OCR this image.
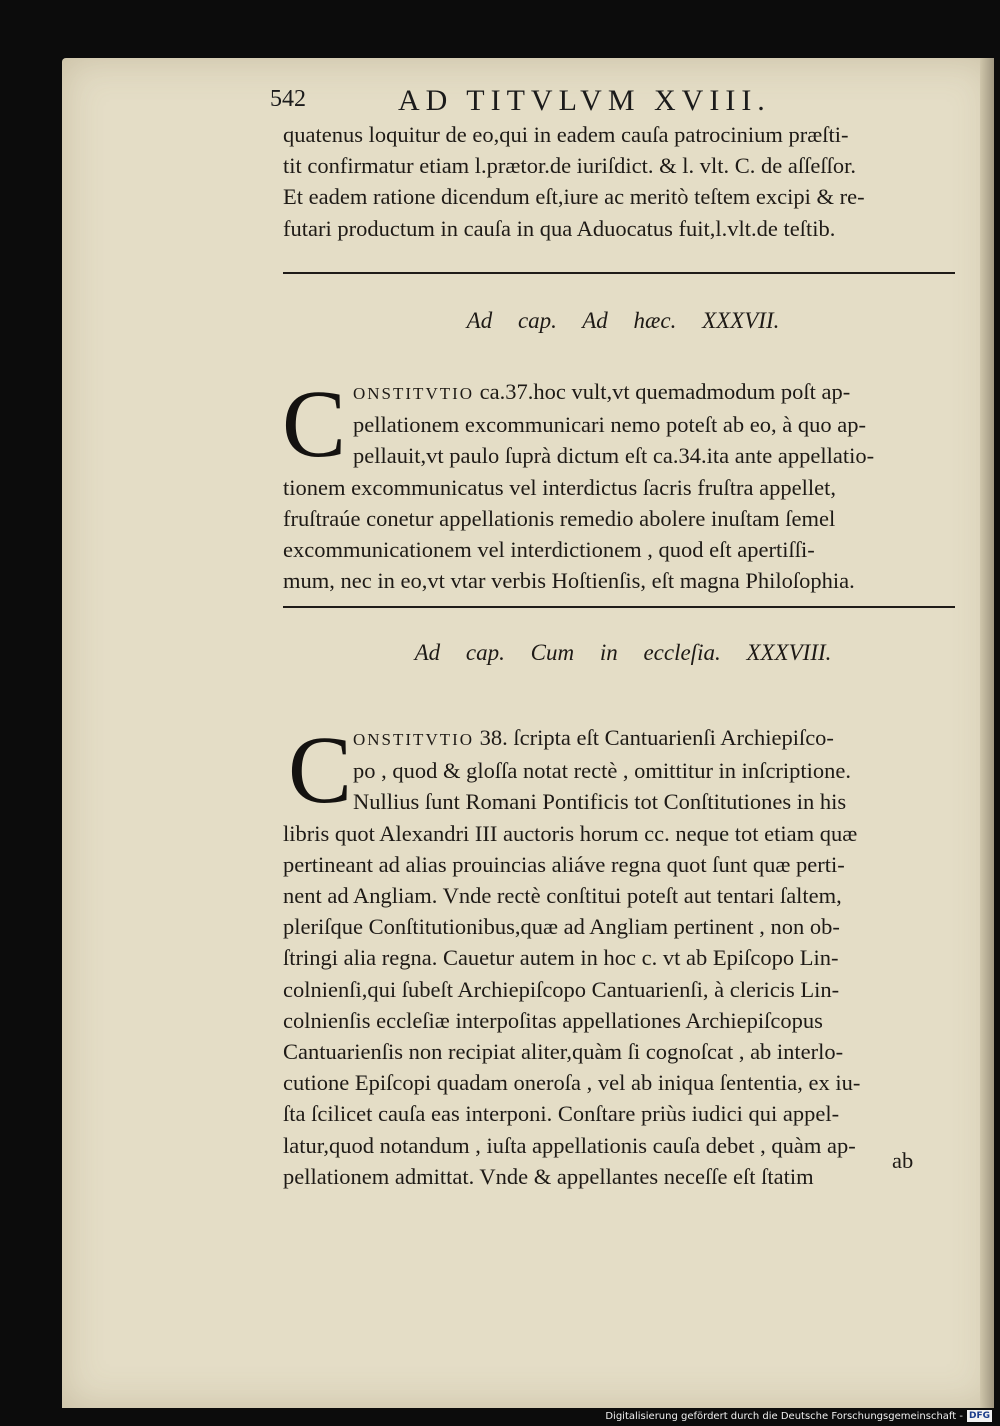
542	AD TITVLVM XVIII.
quatenus loquitur de eo,qui in eadem cauſa patrocinium præſti-
tit confirmatur etiam l.prætor.de iuriſdict. & l. vlt. C. de aſſeſſor.
Et eadem ratione dicendum eſt,iure ac meritò teſtem excipi & re-
futari productum in cauſa in qua Aduocatus fuit,l.vlt.de teſtib.
Ad cap. Ad hæc. XXXVII.
C ONSTITVTIO ca.37.hoc vult,vt quemadmodum poſt ap-
pellationem excommunicari nemo poteſt ab eo, à quo ap-
pellauit,vt paulo ſuprà dictum eſt ca.34.ita ante appellatio-
tionem excommunicatus vel interdictus ſacris fruſtra appellet,
fruſtraúe conetur appellationis remedio abolere inuſtam ſemel
excommunicationem vel interdictionem , quod eſt apertiſſi-
mum, nec in eo,vt vtar verbis Hoſtienſis, eſt magna Philoſophia.
Ad cap. Cum in eccleſia. XXXVIII.
C ONSTITVTIO 38. ſcripta eſt Cantuarienſi Archiepiſco-
po , quod & gloſſa notat rectè , omittitur in inſcriptione.
Nullius ſunt Romani Pontificis tot Conſtitutiones in his
libris quot Alexandri III auctoris horum cc. neque tot etiam quæ
pertineant ad alias prouincias aliáve regna quot ſunt quæ perti-
nent ad Angliam. Vnde rectè conſtitui poteſt aut tentari ſaltem,
pleriſque Conſtitutionibus,quæ ad Angliam pertinent , non ob-
ſtringi alia regna. Cauetur autem in hoc c. vt ab Epiſcopo Lin-
colnienſi,qui ſubeſt Archiepiſcopo Cantuarienſi, à clericis Lin-
colnienſis eccleſiæ interpoſitas appellationes Archiepiſcopus
Cantuarienſis non recipiat aliter,quàm ſi cognoſcat , ab interlo-
cutione Epiſcopi quadam oneroſa , vel ab iniqua ſententia, ex iu-
ſta ſcilicet cauſa eas interponi. Conſtare priùs iudici qui appel-
latur,quod notandum , iuſta appellationis cauſa debet , quàm ap-
pellationem admittat. Vnde & appellantes neceſſe eſt ſtatim
ab
Digitalisierung gefördert durch die Deutsche Forschungsgemeinschaft - DFG
